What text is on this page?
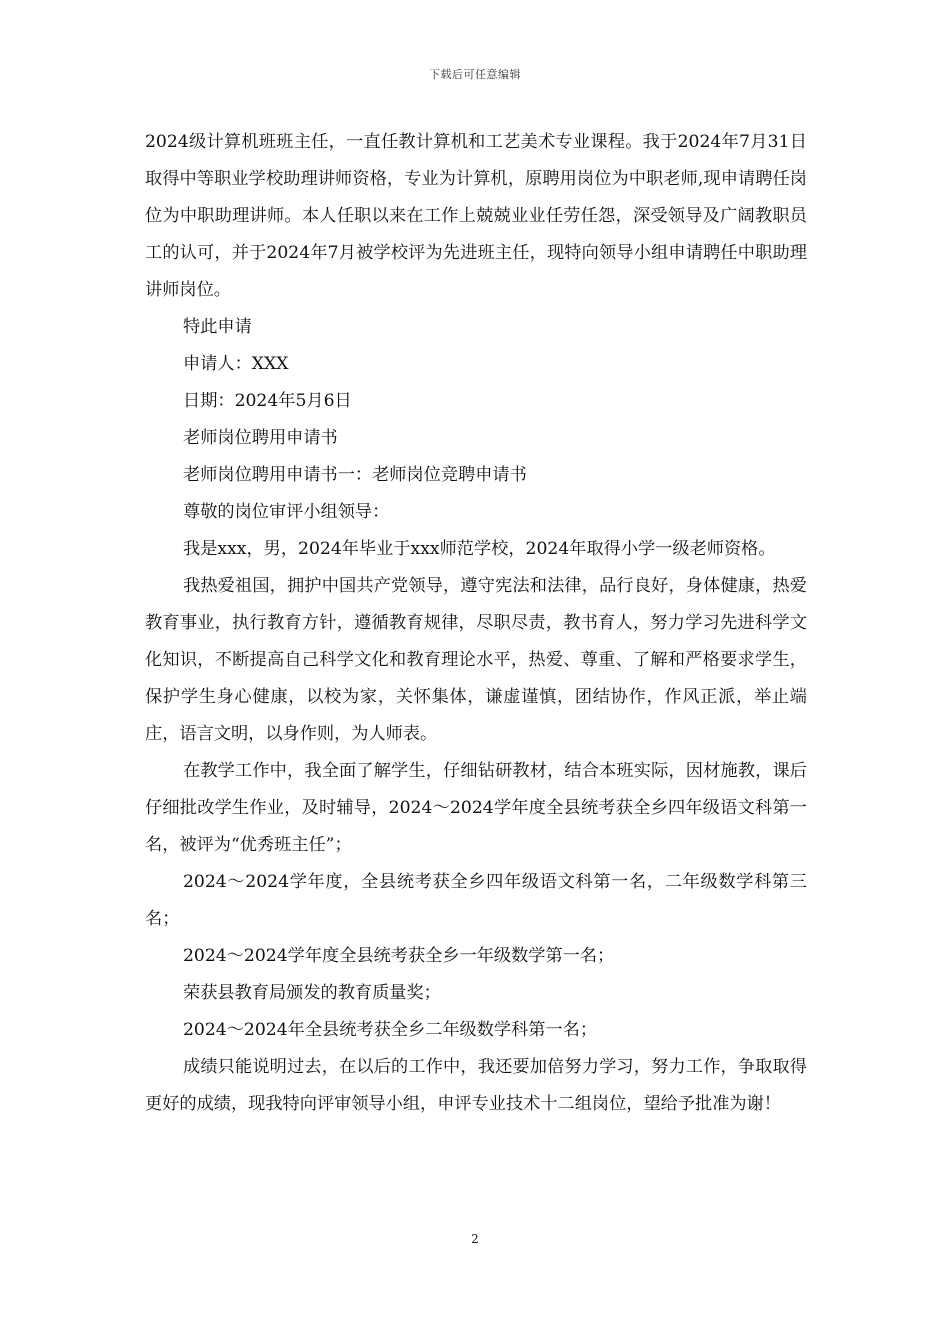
下载后可任意编辑

2024级计算机班班主任，一直任教计算机和工艺美术专业课程。我于2024年7月31日取得中等职业学校助理讲师资格，专业为计算机，原聘用岗位为中职老师,现申请聘任岗位为中职助理讲师。本人任职以来在工作上兢兢业业任劳任怨，深受领导及广阔教职员工的认可，并于2024年7月被学校评为先进班主任，现特向领导小组申请聘任中职助理讲师岗位。

特此申请

申请人：XXX

日期：2024年5月6日

老师岗位聘用申请书

老师岗位聘用申请书一：老师岗位竞聘申请书

尊敬的岗位审评小组领导：

我是xxx，男，2024年毕业于xxx师范学校，2024年取得小学一级老师资格。

我热爱祖国，拥护中国共产党领导，遵守宪法和法律，品行良好，身体健康，热爱教育事业，执行教育方针，遵循教育规律，尽职尽责，教书育人，努力学习先进科学文化知识，不断提高自己科学文化和教育理论水平，热爱、尊重、了解和严格要求学生，保护学生身心健康，以校为家，关怀集体，谦虚谨慎，团结协作，作风正派，举止端庄，语言文明，以身作则，为人师表。

在教学工作中，我全面了解学生，仔细钻研教材，结合本班实际，因材施教，课后仔细批改学生作业，及时辅导，2024～2024学年度全县统考获全乡四年级语文科第一名，被评为“优秀班主任”；

2024～2024学年度，全县统考获全乡四年级语文科第一名，二年级数学科第三名；

2024～2024学年度全县统考获全乡一年级数学第一名；

荣获县教育局颁发的教育质量奖；

2024～2024年全县统考获全乡二年级数学科第一名；

成绩只能说明过去，在以后的工作中，我还要加倍努力学习，努力工作，争取取得更好的成绩，现我特向评审领导小组，申评专业技术十二组岗位，望给予批准为谢！

2
